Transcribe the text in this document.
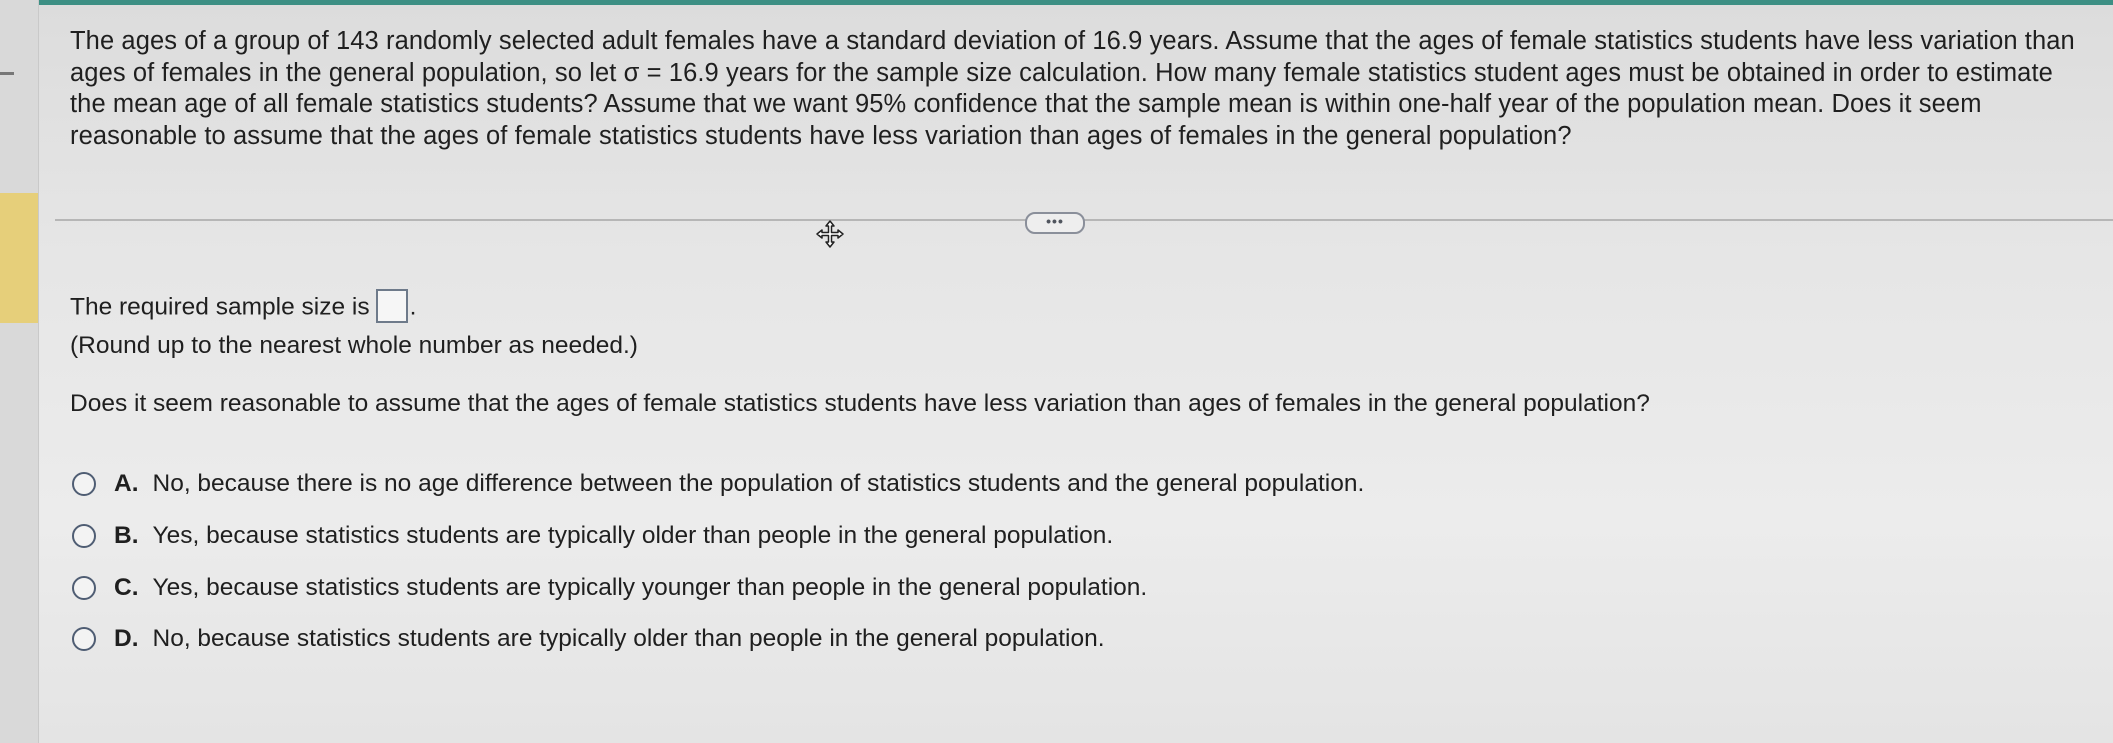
The ages of a group of 143 randomly selected adult females have a standard deviation of 16.9 years. Assume that the ages of female statistics students have less variation than ages of females in the general population, so let σ = 16.9 years for the sample size calculation. How many female statistics student ages must be obtained in order to estimate the mean age of all female statistics students? Assume that we want 95% confidence that the sample mean is within one-half year of the population mean. Does it seem reasonable to assume that the ages of female statistics students have less variation than ages of females in the general population?
•••
The required sample size is .
(Round up to the nearest whole number as needed.)
Does it seem reasonable to assume that the ages of female statistics students have less variation than ages of females in the general population?
A. No, because there is no age difference between the population of statistics students and the general population.
B. Yes, because statistics students are typically older than people in the general population.
C. Yes, because statistics students are typically younger than people in the general population.
D. No, because statistics students are typically older than people in the general population.
